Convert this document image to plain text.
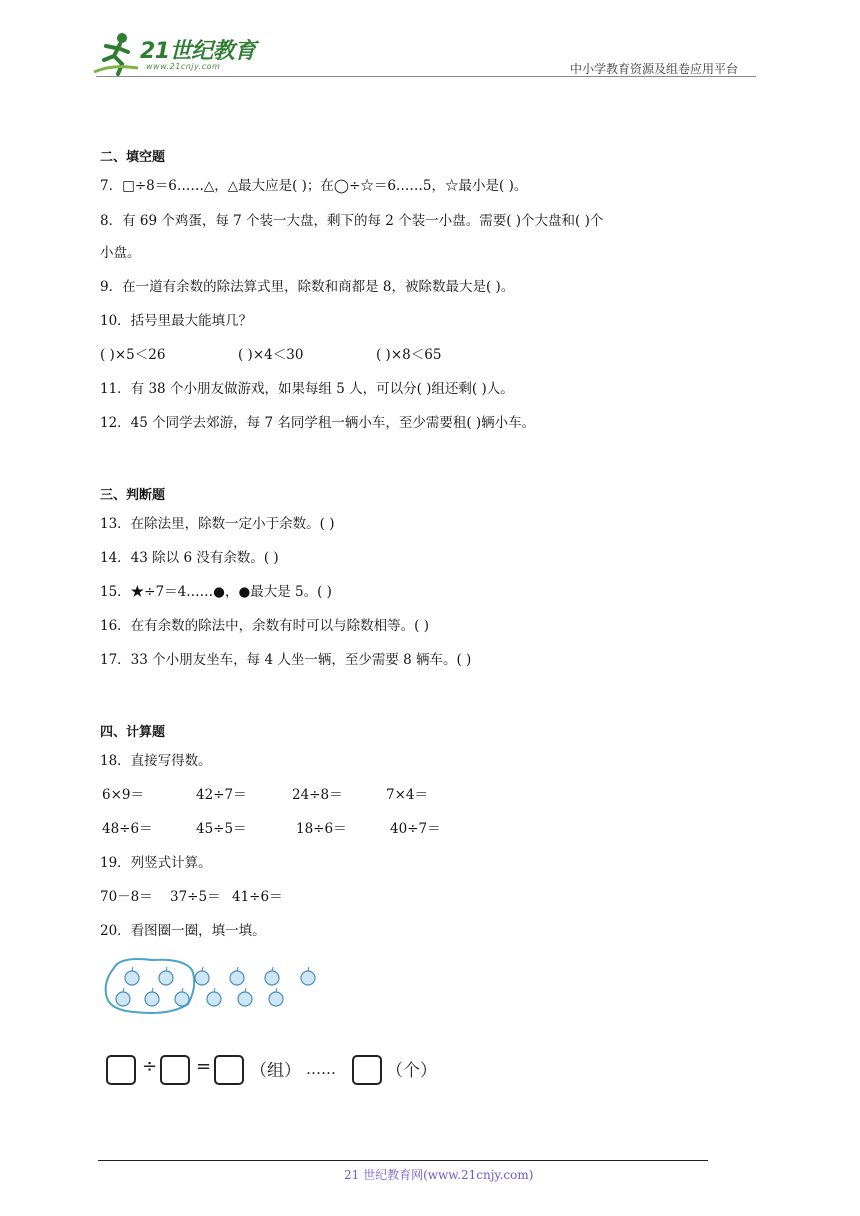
21世纪教育
www.21cnjy.com	中小学教育资源及组卷应用平台
二、填空题
7．□÷8＝6……△，△最大应是( )；在◯÷☆＝6……5，☆最小是( )。
8．有 69 个鸡蛋，每 7 个装一大盘，剩下的每 2 个装一小盘。需要( )个大盘和( )个
小盘。
9．在一道有余数的除法算式里，除数和商都是 8，被除数最大是( )。
10．括号里最大能填几？
( )×5＜26	( )×4＜30	( )×8＜65
11．有 38 个小朋友做游戏，如果每组 5 人，可以分( )组还剩( )人。
12．45 个同学去郊游，每 7 名同学租一辆小车，至少需要租( )辆小车。
三、判断题
13．在除法里，除数一定小于余数。( )
14．43 除以 6 没有余数。( )
15．★÷7＝4……●，●最大是 5。( )
16．在有余数的除法中，余数有时可以与除数相等。( )
17．33 个小朋友坐车，每 4 人坐一辆，至少需要 8 辆车。( )
四、计算题
18．直接写得数。
6×9＝	42÷7＝	24÷8＝	7×4＝
48÷6＝	45÷5＝	18÷6＝	40÷7＝
19．列竖式计算。
70－8＝ 37÷5＝ 41÷6＝
20．看图圈一圈，填一填。
÷ = （组） ……	（个）
21 世纪教育网(www.21cnjy.com)
